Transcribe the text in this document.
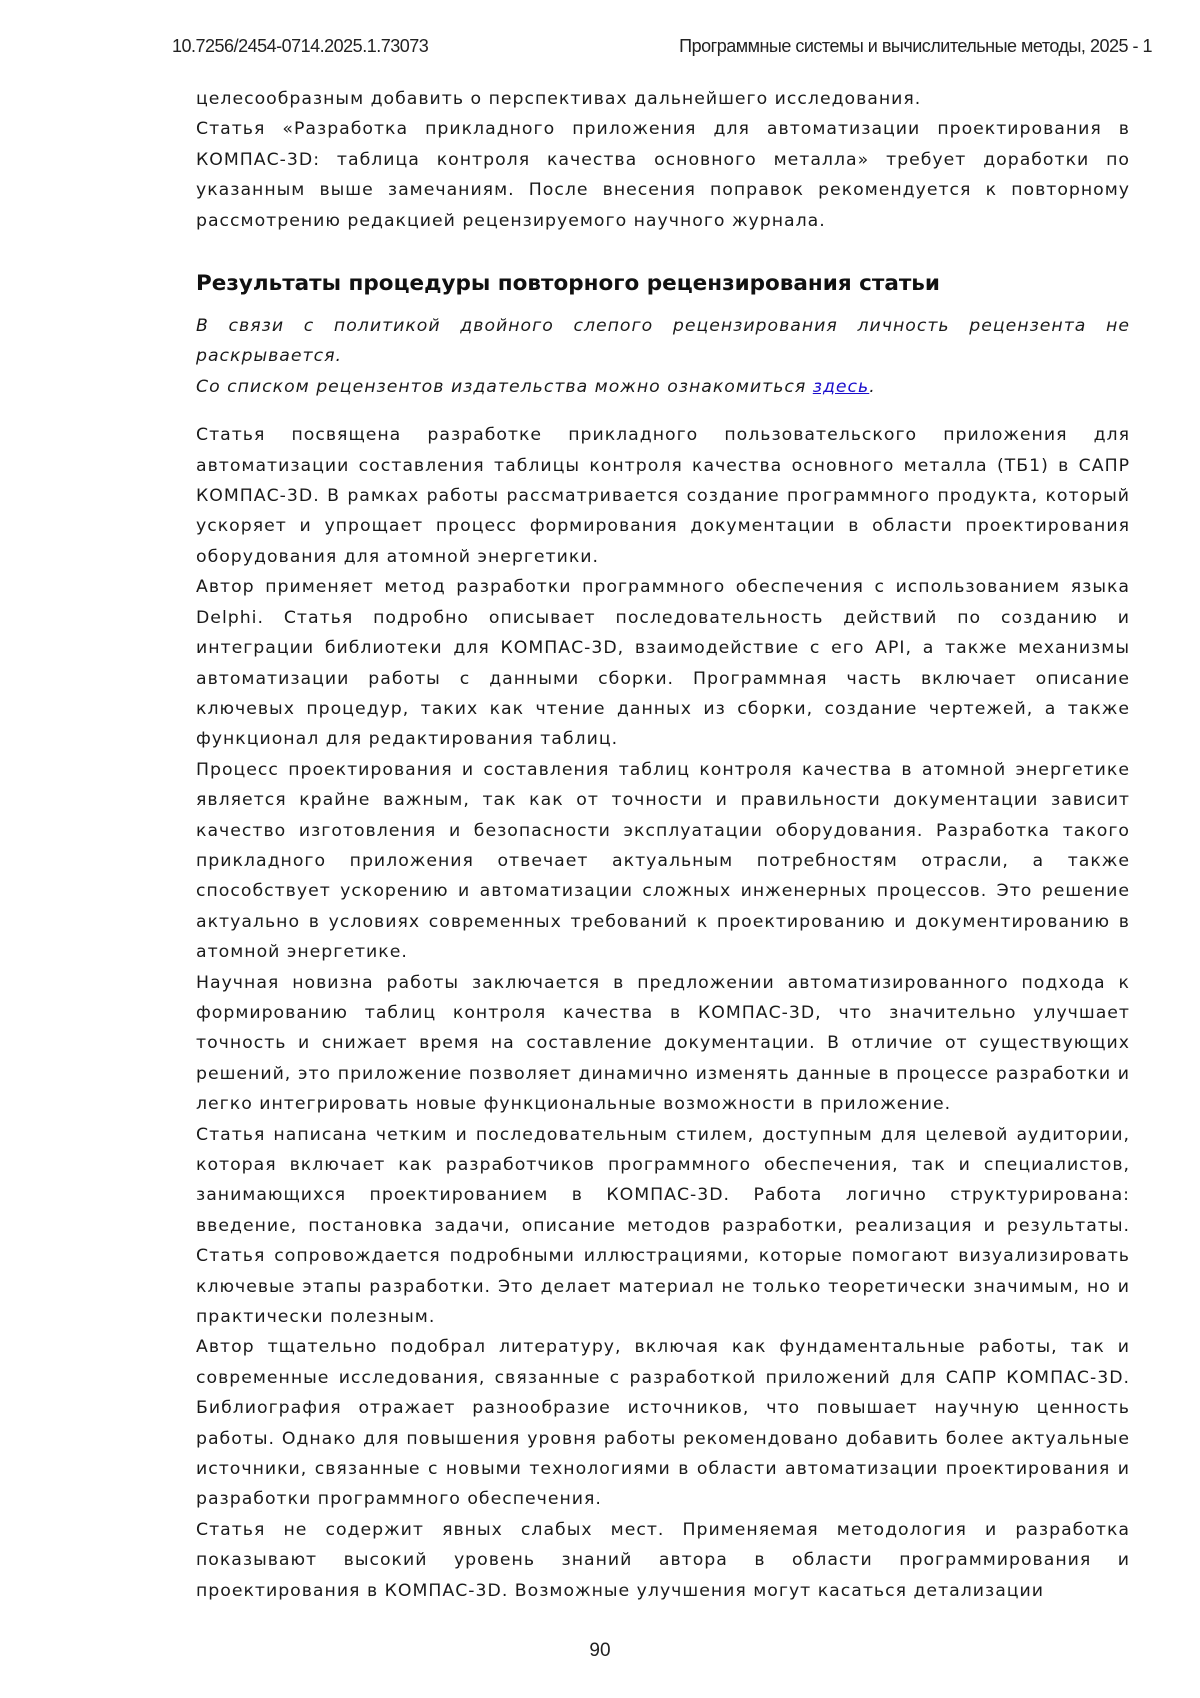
10.7256/2454-0714.2025.1.73073	Программные системы и вычислительные методы, 2025 - 1

целесообразным добавить о перспективах дальнейшего исследования.

Статья «Разработка прикладного приложения для автоматизации проектирования в КОМПАС-3D: таблица контроля качества основного металла» требует доработки по указанным выше замечаниям. После внесения поправок рекомендуется к повторному рассмотрению редакцией рецензируемого научного журнала.

Результаты процедуры повторного рецензирования статьи

В связи с политикой двойного слепого рецензирования личность рецензента не раскрывается.

Со списком рецензентов издательства можно ознакомиться здесь.

Статья посвящена разработке прикладного пользовательского приложения для автоматизации составления таблицы контроля качества основного металла (ТБ1) в САПР КОМПАС-3D. В рамках работы рассматривается создание программного продукта, который ускоряет и упрощает процесс формирования документации в области проектирования оборудования для атомной энергетики.

Автор применяет метод разработки программного обеспечения с использованием языка Delphi. Статья подробно описывает последовательность действий по созданию и интеграции библиотеки для КОМПАС-3D, взаимодействие с его API, а также механизмы автоматизации работы с данными сборки. Программная часть включает описание ключевых процедур, таких как чтение данных из сборки, создание чертежей, а также функционал для редактирования таблиц.

Процесс проектирования и составления таблиц контроля качества в атомной энергетике является крайне важным, так как от точности и правильности документации зависит качество изготовления и безопасности эксплуатации оборудования. Разработка такого прикладного приложения отвечает актуальным потребностям отрасли, а также способствует ускорению и автоматизации сложных инженерных процессов. Это решение актуально в условиях современных требований к проектированию и документированию в атомной энергетике.

Научная новизна работы заключается в предложении автоматизированного подхода к формированию таблиц контроля качества в КОМПАС-3D, что значительно улучшает точность и снижает время на составление документации. В отличие от существующих решений, это приложение позволяет динамично изменять данные в процессе разработки и легко интегрировать новые функциональные возможности в приложение.

Статья написана четким и последовательным стилем, доступным для целевой аудитории, которая включает как разработчиков программного обеспечения, так и специалистов, занимающихся проектированием в КОМПАС-3D. Работа логично структурирована: введение, постановка задачи, описание методов разработки, реализация и результаты. Статья сопровождается подробными иллюстрациями, которые помогают визуализировать ключевые этапы разработки. Это делает материал не только теоретически значимым, но и практически полезным.

Автор тщательно подобрал литературу, включая как фундаментальные работы, так и современные исследования, связанные с разработкой приложений для САПР КОМПАС-3D. Библиография отражает разнообразие источников, что повышает научную ценность работы. Однако для повышения уровня работы рекомендовано добавить более актуальные источники, связанные с новыми технологиями в области автоматизации проектирования и разработки программного обеспечения.

Статья не содержит явных слабых мест. Применяемая методология и разработка показывают высокий уровень знаний автора в области программирования и проектирования в КОМПАС-3D. Возможные улучшения могут касаться детализации

90
